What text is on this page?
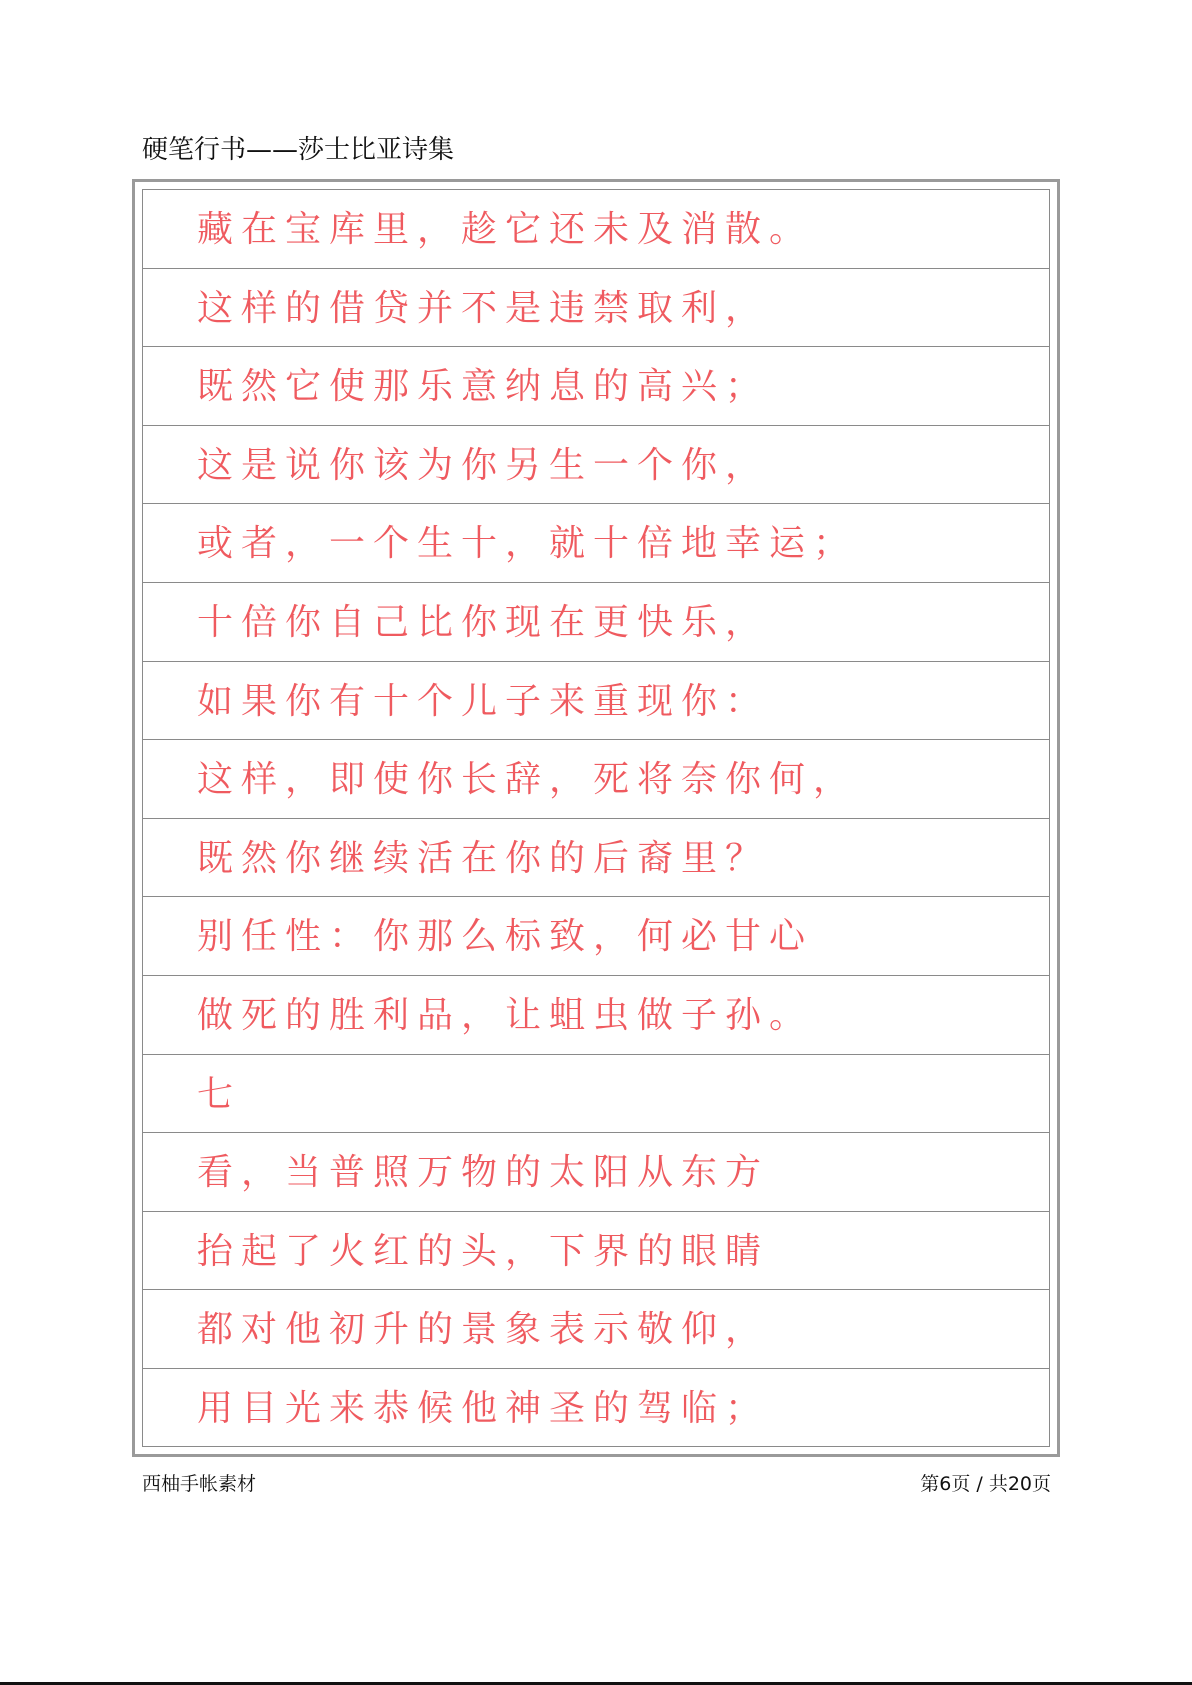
硬笔行书——莎士比亚诗集
藏在宝库里，趁它还未及消散。
这样的借贷并不是违禁取利，
既然它使那乐意纳息的高兴；
这是说你该为你另生一个你，
或者，一个生十，就十倍地幸运；
十倍你自己比你现在更快乐，
如果你有十个儿子来重现你：
这样，即使你长辞，死将奈你何，
既然你继续活在你的后裔里？
别任性：你那么标致，何必甘心
做死的胜利品，让蛆虫做子孙。
七
看，当普照万物的太阳从东方
抬起了火红的头，下界的眼睛
都对他初升的景象表示敬仰，
用目光来恭候他神圣的驾临；
西柚手帐素材	第6页 / 共20页
